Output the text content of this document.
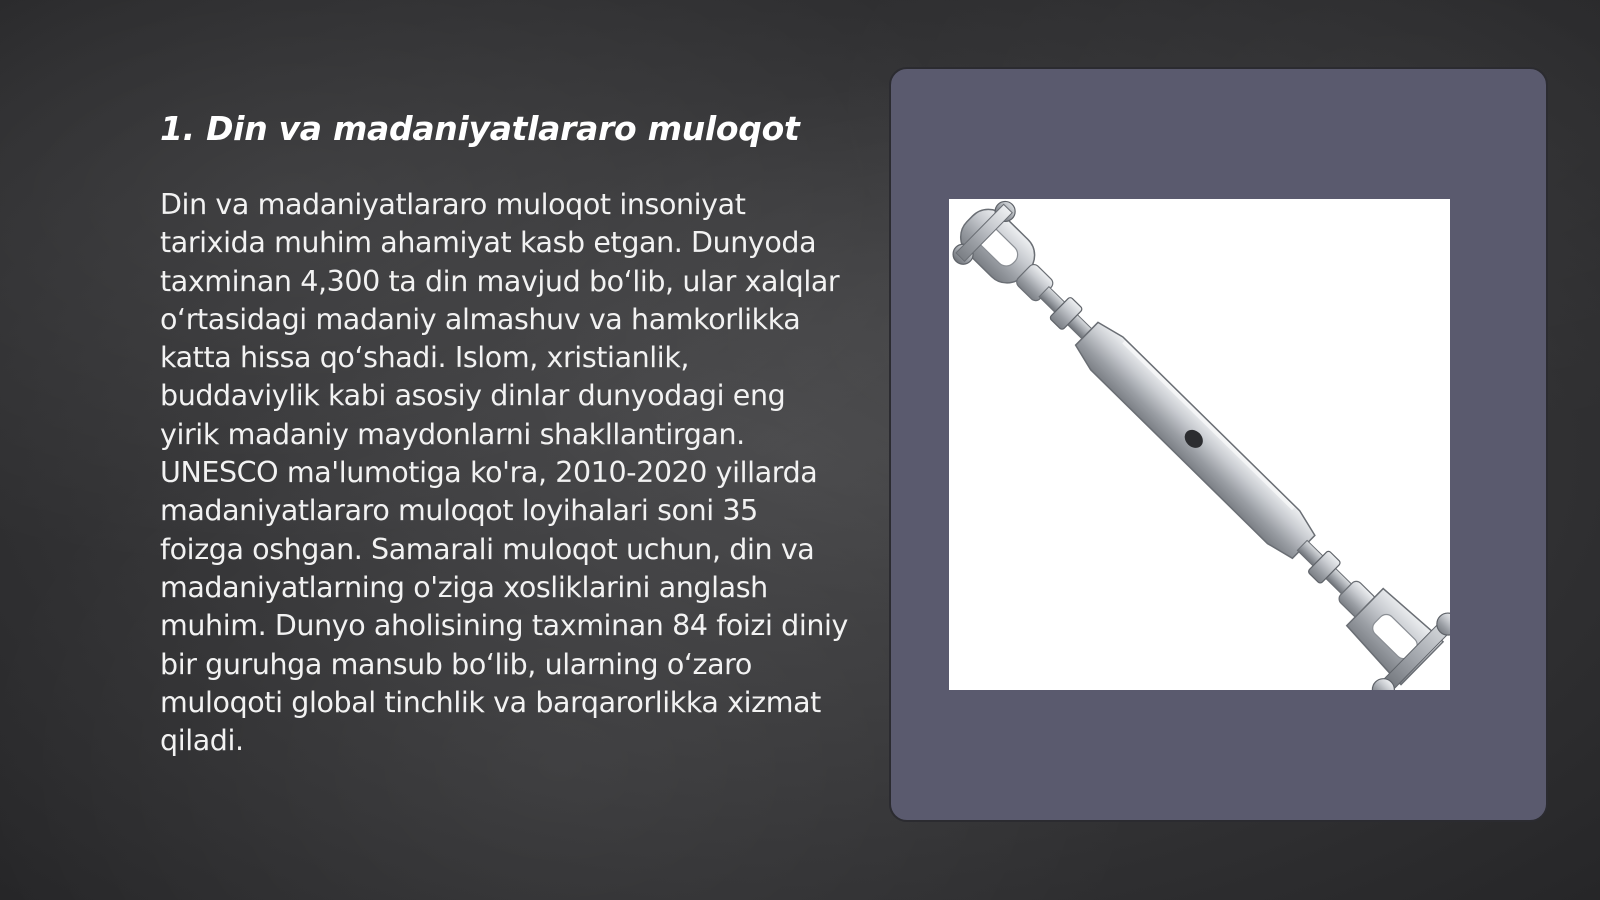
1. Din va madaniyatlararo muloqot

Din va madaniyatlararo muloqot insoniyat tarixida muhim ahamiyat kasb etgan. Dunyoda taxminan 4,300 ta din mavjud bo‘lib, ular xalqlar o‘rtasidagi madaniy almashuv va hamkorlikka katta hissa qo‘shadi. Islom, xristianlik, buddaviylik kabi asosiy dinlar dunyodagi eng yirik madaniy maydonlarni shakllantirgan. UNESCO ma'lumotiga ko'ra, 2010-2020 yillarda madaniyatlararo muloqot loyihalari soni 35 foizga oshgan. Samarali muloqot uchun, din va madaniyatlarning o'ziga xosliklarini anglash muhim. Dunyo aholisining taxminan 84 foizi diniy bir guruhga mansub bo‘lib, ularning o‘zaro muloqoti global tinchlik va barqarorlikka xizmat qiladi.
